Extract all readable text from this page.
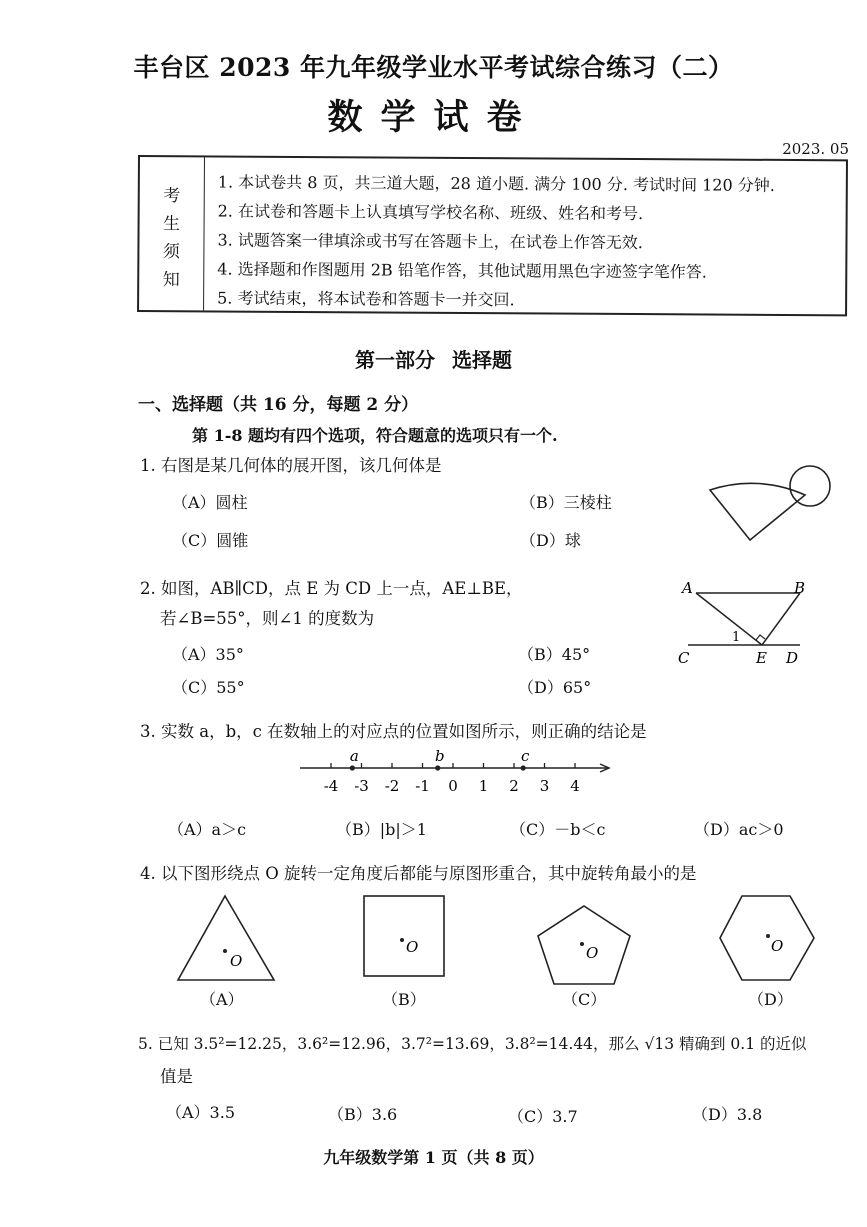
丰台区 2023 年九年级学业水平考试综合练习（二）
数学试卷
2023. 05
考
生
须
知
1. 本试卷共 8 页，共三道大题，28 道小题. 满分 100 分. 考试时间 120 分钟.
2. 在试卷和答题卡上认真填写学校名称、班级、姓名和考号.
3. 试题答案一律填涂或书写在答题卡上，在试卷上作答无效.
4. 选择题和作图题用 2B 铅笔作答，其他试题用黑色字迹签字笔作答.
5. 考试结束，将本试卷和答题卡一并交回.
第一部分 选择题
一、选择题（共 16 分，每题 2 分）
第 1-8 题均有四个选项，符合题意的选项只有一个.
1. 右图是某几何体的展开图，该几何体是
（A）圆柱	（B）三棱柱
（C）圆锥	（D）球
2. 如图，AB∥CD，点 E 为 CD 上一点，AE⊥BE，
若∠B=55°，则∠1 的度数为
（A）35°	（B）45°
（C）55°	（D）65°
A	B
C	E D
1
3. 实数 a，b，c 在数轴上的对应点的位置如图所示，则正确的结论是
-4 -3 -2 -1 0 1 2 3 4
a	b	c
（A）a＞c	（B）|b|＞1	（C）－b＜c	（D）ac＞0
4. 以下图形绕点 O 旋转一定角度后都能与原图形重合，其中旋转角最小的是
O
O	O	O
（A）	（B）	（C）	（D）
5. 已知 3.5²=12.25，3.6²=12.96，3.7²=13.69，3.8²=14.44，那么 √13 精确到 0.1 的近似
值是
（A）3.5	（B）3.6	（C）3.7	（D）3.8
九年级数学第 1 页（共 8 页）
